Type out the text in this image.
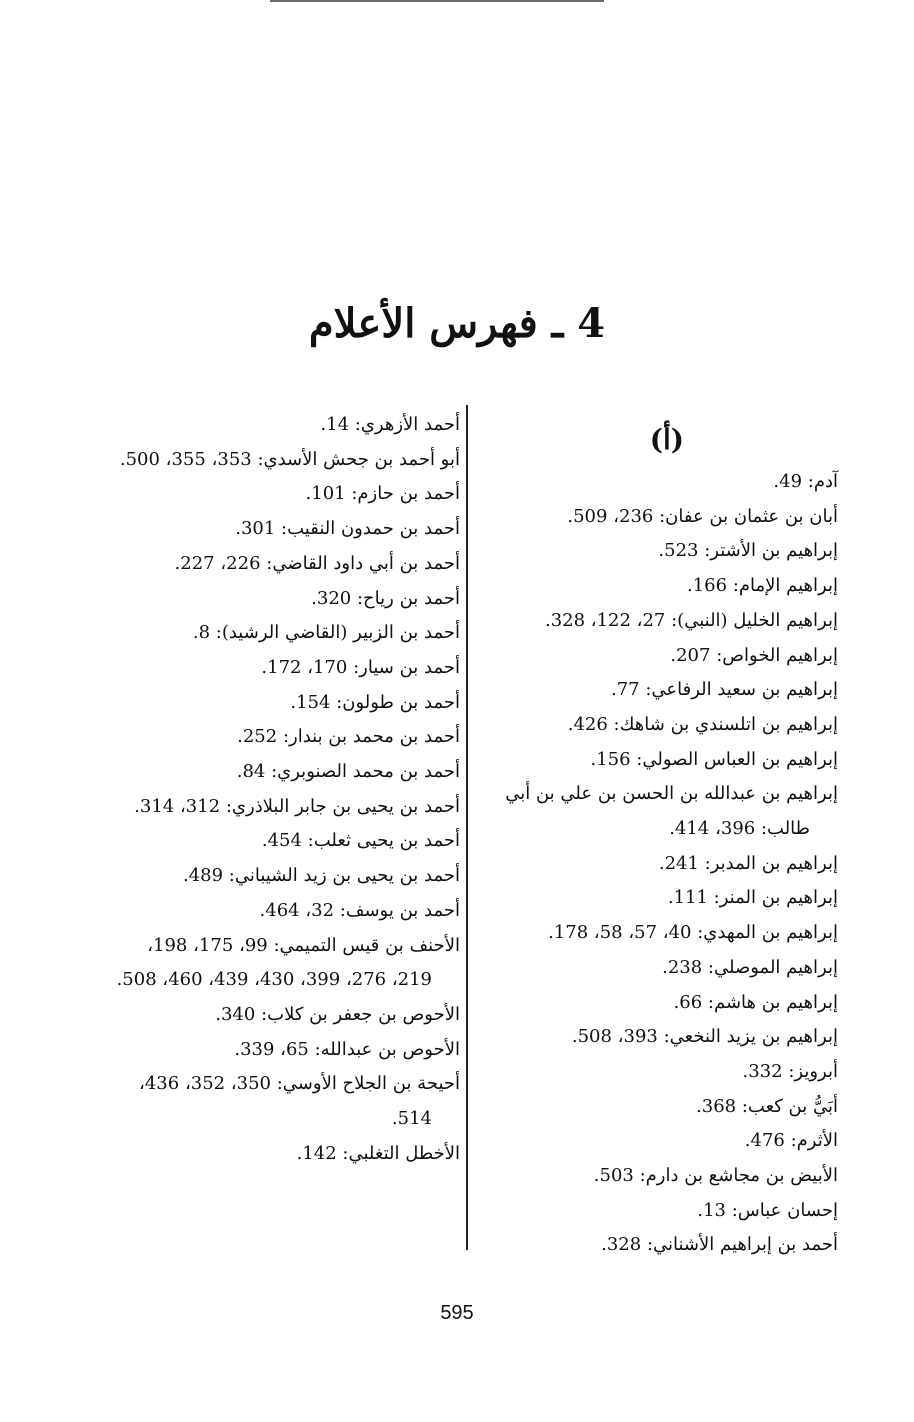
4 ـ فهرس الأعلام
(أ)
آدم: 49.
أبان بن عثمان بن عفان: 236، 509.
إبراهيم بن الأشتر: 523.
إبراهيم الإمام: 166.
إبراهيم الخليل (النبي): 27، 122، 328.
إبراهيم الخواص: 207.
إبراهيم بن سعيد الرفاعي: 77.
إبراهيم بن اتلسندي بن شاهك: 426.
إبراهيم بن العباس الصولي: 156.
إبراهيم بن عبدالله بن الحسن بن علي بن أبي طالب: 396، 414.
إبراهيم بن المدبر: 241.
إبراهيم بن المنر: 111.
إبراهيم بن المهدي: 40، 57، 58، 178.
إبراهيم الموصلي: 238.
إبراهيم بن هاشم: 66.
إبراهيم بن يزيد النخعي: 393، 508.
أبرويز: 332.
أبَيُّ بن كعب: 368.
الأثرم: 476.
الأبيض بن مجاشع بن دارم: 503.
إحسان عباس: 13.
أحمد بن إبراهيم الأشناني: 328.
أحمد الأزهري: 14.
أبو أحمد بن جحش الأسدي: 353، 355، 500.
أحمد بن حازم: 101.
أحمد بن حمدون النقيب: 301.
أحمد بن أبي داود القاضي: 226، 227.
أحمد بن رياح: 320.
أحمد بن الزبير (القاضي الرشيد): 8.
أحمد بن سيار: 170، 172.
أحمد بن طولون: 154.
أحمد بن محمد بن بندار: 252.
أحمد بن محمد الصنوبري: 84.
أحمد بن يحيى بن جابر البلاذري: 312، 314.
أحمد بن يحيى ثعلب: 454.
أحمد بن يحيى بن زيد الشيباني: 489.
أحمد بن يوسف: 32، 464.
الأحنف بن قيس التميمي: 99، 175، 198، 219، 276، 399، 430، 439، 460، 508.
الأحوص بن جعفر بن كلاب: 340.
الأحوص بن عبدالله: 65، 339.
أحيحة بن الجلاح الأوسي: 350، 352، 436، 514.
الأخطل التغلبي: 142.
595
